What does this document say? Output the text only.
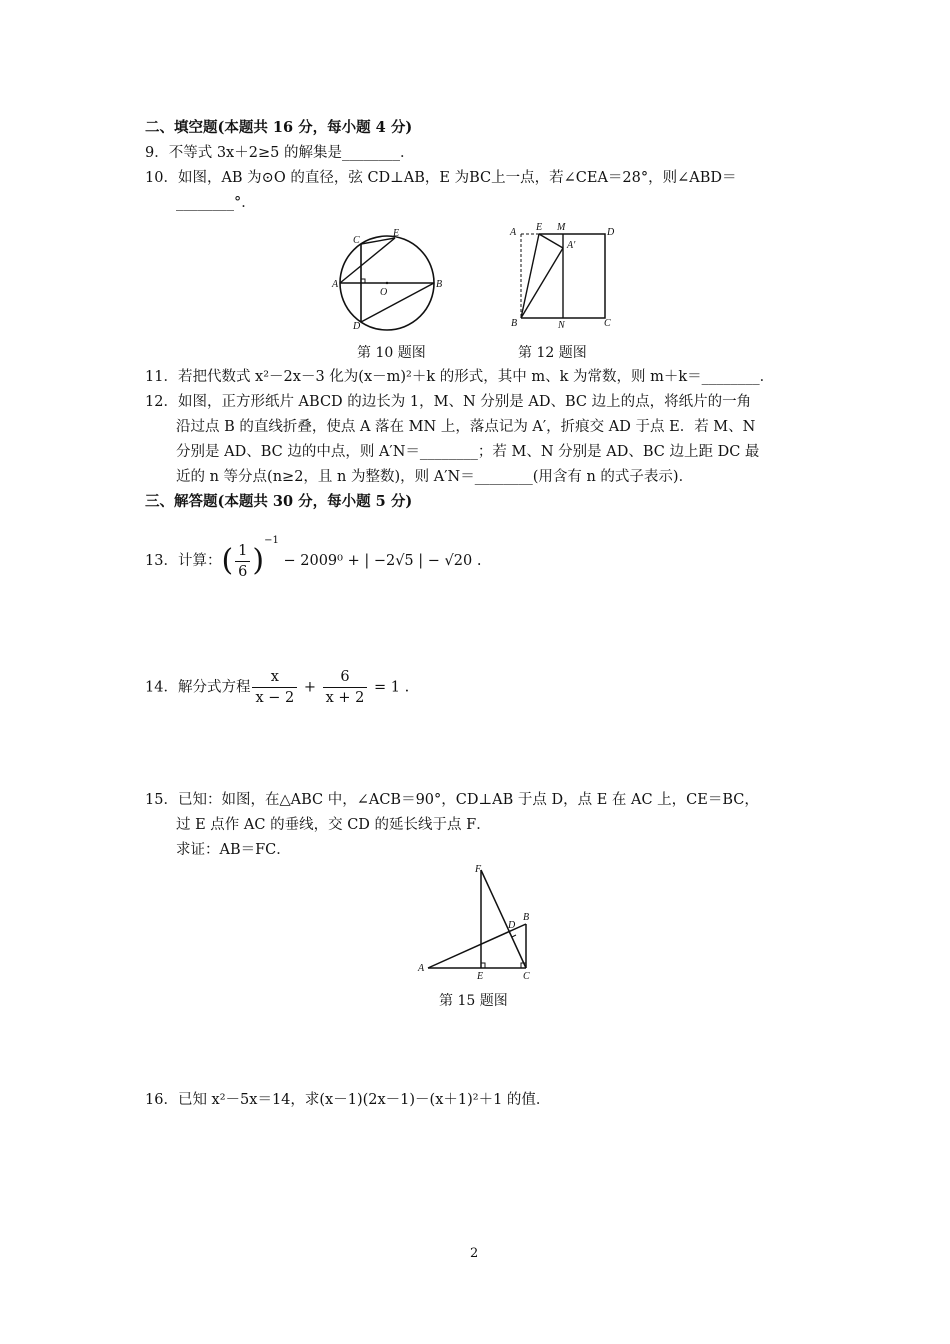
二、填空题(本题共 16 分，每小题 4 分)
9．不等式 3x＋2≥5 的解集是________．
10．如图，AB 为⊙O 的直径，弦 CD⊥AB，E 为BC上一点，若∠CEA＝28°，则∠ABD＝
________°．
C
E
A
O
B
D
A E M	D
A′
B	N	C
第 10 题图	第 12 题图
11．若把代数式 x²－2x－3 化为(x－m)²＋k 的形式，其中 m、k 为常数，则 m＋k＝________．
12．如图，正方形纸片 ABCD 的边长为 1，M、N 分别是 AD、BC 边上的点，将纸片的一角
沿过点 B 的直线折叠，使点 A 落在 MN 上，落点记为 A′，折痕交 AD 于点 E．若 M、N
分别是 AD、BC 边的中点，则 A′N＝________；若 M、N 分别是 AD、BC 边上距 DC 最
近的 n 等分点(n≥2，且 n 为整数)，则 A′N＝________(用含有 n 的式子表示)．
三、解答题(本题共 30 分，每小题 5 分)
13．计算：( $\frac{1}{6} )^{-1} - 2009^0$ + | −2√5 | − √20 .
14．解分式方程 $\frac{x}{x - 2} + \frac{6}{x + 2} = 1$ .
15．已知：如图，在△ABC 中，∠ACB＝90°，CD⊥AB 于点 D，点 E 在 AC 上，CE＝BC，
过 E 点作 AC 的垂线，交 CD 的延长线于点 F．
求证：AB＝FC．
F
D
B
A
E	C
第 15 题图
16．已知 x²－5x＝14，求(x－1)(2x－1)－(x＋1)²＋1 的值．
2
